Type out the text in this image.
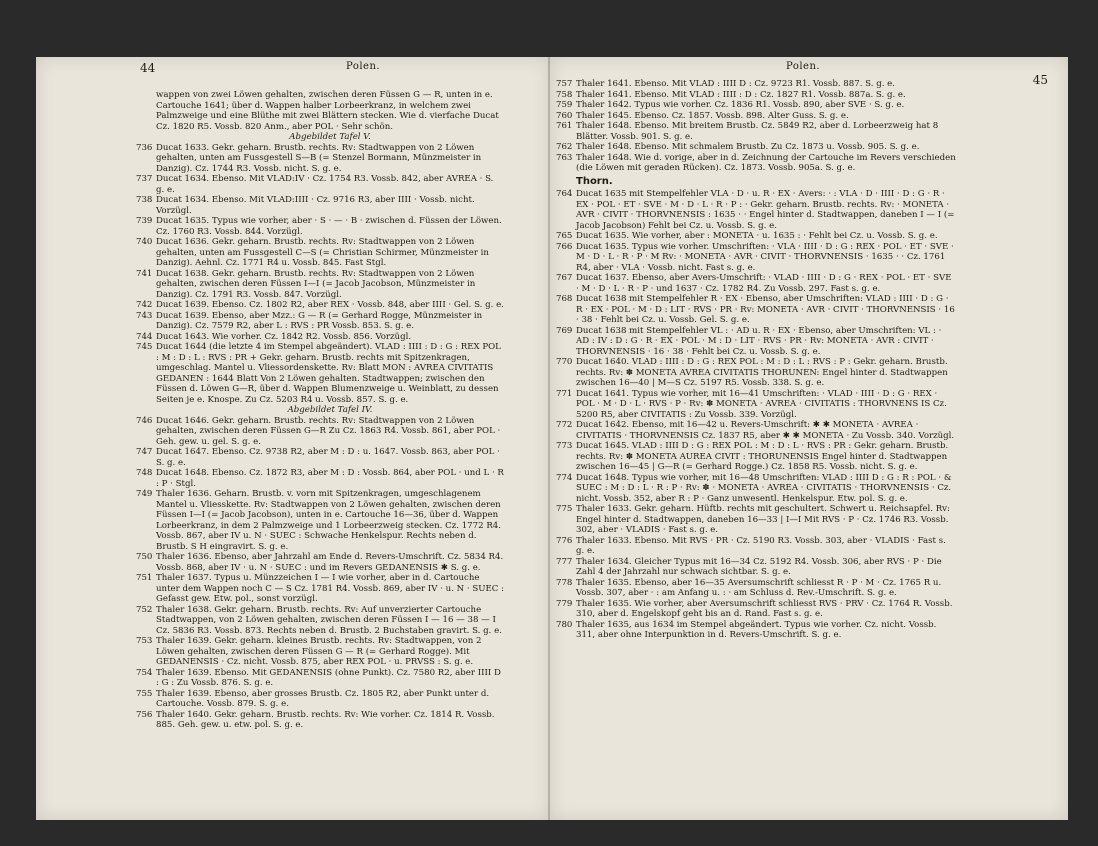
44	Polen.
wappen von zwei Löwen gehalten, zwischen deren Füssen G — R, unten in e. Cartouche 1641; über d. Wappen halber Lorbeerkranz, in welchem zwei Palmzweige und eine Blüthe mit zwei Blättern stecken. Wie d. vierfache Ducat Cz. 1820 R5. Vossb. 820 Anm., aber POL · Sehr schön.
Abgebildet Tafel V.
736 Ducat 1633. Gekr. geharn. Brustb. rechts. Rv: Stadtwappen von 2 Löwen gehalten, unten am Fussgestell S—B (= Stenzel Bormann, Münzmeister in Danzig). Cz. 1744 R3. Vossb. nicht. S. g. e.
737 Ducat 1634. Ebenso. Mit VLAD:IV · Cz. 1754 R3. Vossb. 842, aber AVREA · S. g. e.
738 Ducat 1634. Ebenso. Mit VLAD:IIII · Cz. 9716 R3, aber IIII · Vossb. nicht. Vorzügl.
739 Ducat 1635. Typus wie vorher, aber · S · — · B · zwischen d. Füssen der Löwen. Cz. 1760 R3. Vossb. 844. Vorzügl.
740 Ducat 1636. Gekr. geharn. Brustb. rechts. Rv: Stadtwappen von 2 Löwen gehalten, unten am Fussgestell C—S (= Christian Schirmer, Münzmeister in Danzig). Aehnl. Cz. 1771 R4 u. Vossb. 845. Fast Stgl.
741 Ducat 1638. Gekr. geharn. Brustb. rechts. Rv: Stadtwappen von 2 Löwen gehalten, zwischen deren Füssen I—I (= Jacob Jacobson, Münzmeister in Danzig). Cz. 1791 R3. Vossb. 847. Vorzügl.
742 Ducat 1639. Ebenso. Cz. 1802 R2, aber REX · Vossb. 848, aber IIII · Gel. S. g. e.
743 Ducat 1639. Ebenso, aber Mzz.: G — R (= Gerhard Rogge, Münzmeister in Danzig). Cz. 7579 R2, aber L : RVS : PR Vossb. 853. S. g. e.
744 Ducat 1643. Wie vorher. Cz. 1842 R2. Vossb. 856. Vorzügl.
745 Ducat 1644 (die letzte 4 im Stempel abgeändert). VLAD : IIII : D : G : REX POL : M : D : L : RVS : PR + Gekr. geharn. Brustb. rechts mit Spitzenkragen, umgeschlag. Mantel u. Vliessordenskette. Rv: Blatt MON : AVREA CIVITATIS GEDANEN : 1644 Blatt Von 2 Löwen gehalten. Stadtwappen; zwischen den Füssen d. Löwen G—R, über d. Wappen Blumenzweige u. Weinblatt, zu dessen Seiten je e. Knospe. Zu Cz. 5203 R4 u. Vossb. 857. S. g. e.
Abgebildet Tafel IV.
746 Ducat 1646. Gekr. geharn. Brustb. rechts. Rv: Stadtwappen von 2 Löwen gehalten, zwischen deren Füssen G—R Zu Cz. 1863 R4. Vossb. 861, aber POL · Geh. gew. u. gel. S. g. e.
747 Ducat 1647. Ebenso. Cz. 9738 R2, aber M : D : u. 1647. Vossb. 863, aber POL · S. g. e.
748 Ducat 1648. Ebenso. Cz. 1872 R3, aber M : D : Vossb. 864, aber POL · und L · R : P · Stgl.
749 Thaler 1636. Geharn. Brustb. v. vorn mit Spitzenkragen, umgeschlagenem Mantel u. Vliesskette. Rv: Stadtwappen von 2 Löwen gehalten, zwischen deren Füssen I—I (= Jacob Jacobson), unten in e. Cartouche 16—36, über d. Wappen Lorbeerkranz, in dem 2 Palmzweige und 1 Lorbeerzweig stecken. Cz. 1772 R4. Vossb. 867, aber IV u. N · SUEC : Schwache Henkelspur. Rechts neben d. Brustb. S H eingravirt. S. g. e.
750 Thaler 1636. Ebenso, aber Jahrzahl am Ende d. Revers-Umschrift. Cz. 5834 R4. Vossb. 868, aber IV · u. N · SUEC : und im Revers GEDANENSIS ✱ S. g. e.
751 Thaler 1637. Typus u. Münzzeichen I — I wie vorher, aber in d. Cartouche unter dem Wappen noch C — S Cz. 1781 R4. Vossb. 869, aber IV · u. N · SUEC : Gefasst gew. Etw. pol., sonst vorzügl.
752 Thaler 1638. Gekr. geharn. Brustb. rechts. Rv: Auf unverzierter Cartouche Stadtwappen, von 2 Löwen gehalten, zwischen deren Füssen I — 16 — 38 — I Cz. 5836 R3. Vossb. 873. Rechts neben d. Brustb. 2 Buchstaben gravirt. S. g. e.
753 Thaler 1639. Gekr. geharn. kleines Brustb. rechts. Rv: Stadtwappen, von 2 Löwen gehalten, zwischen deren Füssen G — R (= Gerhard Rogge). Mit GEDANENSIS · Cz. nicht. Vossb. 875, aber REX POL · u. PRVSS : S. g. e.
754 Thaler 1639. Ebenso. Mit GEDANENSIS (ohne Punkt). Cz. 7580 R2, aber IIII D : G : Zu Vossb. 876. S. g. e.
755 Thaler 1639. Ebenso, aber grosses Brustb. Cz. 1805 R2, aber Punkt unter d. Cartouche. Vossb. 879. S. g. e.
756 Thaler 1640. Gekr. geharn. Brustb. rechts. Rv: Wie vorher. Cz. 1814 R. Vossb. 885. Geh. gew. u. etw. pol. S. g. e.
Polen.
45
757 Thaler 1641. Ebenso. Mit VLAD : IIII D : Cz. 9723 R1. Vossb. 887. S. g. e.
758 Thaler 1641. Ebenso. Mit VLAD : IIII : D : Cz. 1827 R1. Vossb. 887a. S. g. e.
759 Thaler 1642. Typus wie vorher. Cz. 1836 R1. Vossb. 890, aber SVE · S. g. e.
760 Thaler 1645. Ebenso. Cz. 1857. Vossb. 898. Alter Guss. S. g. e.
761 Thaler 1648. Ebenso. Mit breitem Brustb. Cz. 5849 R2, aber d. Lorbeerzweig hat 8 Blätter. Vossb. 901. S. g. e.
762 Thaler 1648. Ebenso. Mit schmalem Brustb. Zu Cz. 1873 u. Vossb. 905. S. g. e.
763 Thaler 1648. Wie d. vorige, aber in d. Zeichnung der Cartouche im Revers verschieden (die Löwen mit geraden Rücken). Cz. 1873. Vossb. 905a. S. g. e.
Thorn.
764 Ducat 1635 mit Stempelfehler VLA · D · u. R · EX · Avers: · : VLA · D · IIII · D : G · R · EX · POL · ET · SVE · M · D · L · R · P : · Gekr. geharn. Brustb. rechts. Rv: · MONETA · AVR · CIVIT · THORVNENSIS : 1635 · · Engel hinter d. Stadtwappen, daneben I — I (= Jacob Jacobson) Fehlt bei Cz. u. Vossb. S. g. e.
765 Ducat 1635. Wie vorher, aber : MONETA · u. 1635 : · Fehlt bei Cz. u. Vossb. S. g. e.
766 Ducat 1635. Typus wie vorher. Umschriften: · VLA · IIII · D : G : REX · POL · ET · SVE · M · D · L · R · P · M Rv: · MONETA · AVR · CIVIT · THORVNENSIS · 1635 · · Cz. 1761 R4, aber · VLA · Vossb. nicht. Fast s. g. e.
767 Ducat 1637. Ebenso, aber Avers-Umschrift: · VLAD · IIII · D : G · REX · POL · ET · SVE · M · D · L · R · P · und 1637 · Cz. 1782 R4. Zu Vossb. 297. Fast s. g. e.
768 Ducat 1638 mit Stempelfehler R · EX · Ebenso, aber Umschriften: VLAD : IIII · D : G · R · EX · POL · M · D : LIT · RVS · PR · Rv: MONETA · AVR · CIVIT · THORVNENSIS · 16 · 38 · Fehlt bei Cz. u. Vossb. Gel. S. g. e.
769 Ducat 1638 mit Stempelfehler VL : · AD u. R · EX · Ebenso, aber Umschriften: VL : · AD : IV : D : G · R · EX · POL · M : D · LIT · RVS · PR · Rv: MONETA · AVR : CIVIT · THORVNENSIS · 16 · 38 · Fehlt bei Cz. u. Vossb. S. g. e.
770 Ducat 1640. VLAD : IIII : D : G : REX POL : M : D : L : RVS : P : Gekr. geharn. Brustb. rechts. Rv: ✽ MONETA AVREA CIVITATIS THORUNEN: Engel hinter d. Stadtwappen zwischen 16—40 | M—S Cz. 5197 R5. Vossb. 338. S. g. e.
771 Ducat 1641. Typus wie vorher, mit 16—41 Umschriften: · VLAD · IIII · D : G · REX · POL · M · D · L · RVS · P · Rv: ✽ MONETA · AVREA · CIVITATIS : THORVNENS IS Cz. 5200 R5, aber CIVITATIS : Zu Vossb. 339. Vorzügl.
772 Ducat 1642. Ebenso, mit 16—42 u. Revers-Umschrift: ✱ ✱ MONETA · AVREA · CIVITATIS · THORVNENSIS Cz. 1837 R5, aber ✱ ✱ MONETA · Zu Vossb. 340. Vorzügl.
773 Ducat 1645. VLAD : IIII D : G : REX POL : M : D : L · RVS : PR : Gekr. geharn. Brustb. rechts. Rv: ✽ MONETA AUREA CIVIT : THORUNENSIS Engel hinter d. Stadtwappen zwischen 16—45 | G—R (= Gerhard Rogge.) Cz. 1858 R5. Vossb. nicht. S. g. e.
774 Ducat 1648. Typus wie vorher, mit 16—48 Umschriften: VLAD : IIII D : G : R : POL · & SUEC : M : D : L · R : P · Rv: ✽ · MONETA · AVREA · CIVITATIS · THORVNENSIS · Cz. nicht. Vossb. 352, aber R : P · Ganz unwesentl. Henkelspur. Etw. pol. S. g. e.
775 Thaler 1633. Gekr. geharn. Hüftb. rechts mit geschultert. Schwert u. Reichsapfel. Rv: Engel hinter d. Stadtwappen, daneben 16—33 | I—I Mit RVS · P · Cz. 1746 R3. Vossb. 302, aber · VLADIS · Fast s. g. e.
776 Thaler 1633. Ebenso. Mit RVS · PR · Cz. 5190 R3. Vossb. 303, aber · VLADIS · Fast s. g. e.
777 Thaler 1634. Gleicher Typus mit 16—34 Cz. 5192 R4. Vossb. 306, aber RVS · P · Die Zahl 4 der Jahrzahl nur schwach sichtbar. S. g. e.
778 Thaler 1635. Ebenso, aber 16—35 Aversumschrift schliesst R · P · M · Cz. 1765 R u. Vossb. 307, aber · : am Anfang u. : · am Schluss d. Rev.-Umschrift. S. g. e.
779 Thaler 1635. Wie vorher, aber Aversumschrift schliesst RVS · PRV · Cz. 1764 R. Vossb. 310, aber d. Engelskopf geht bis an d. Rand. Fast s. g. e.
780 Thaler 1635, aus 1634 im Stempel abgeändert. Typus wie vorher. Cz. nicht. Vossb. 311, aber ohne Interpunktion in d. Revers-Umschrift. S. g. e.
